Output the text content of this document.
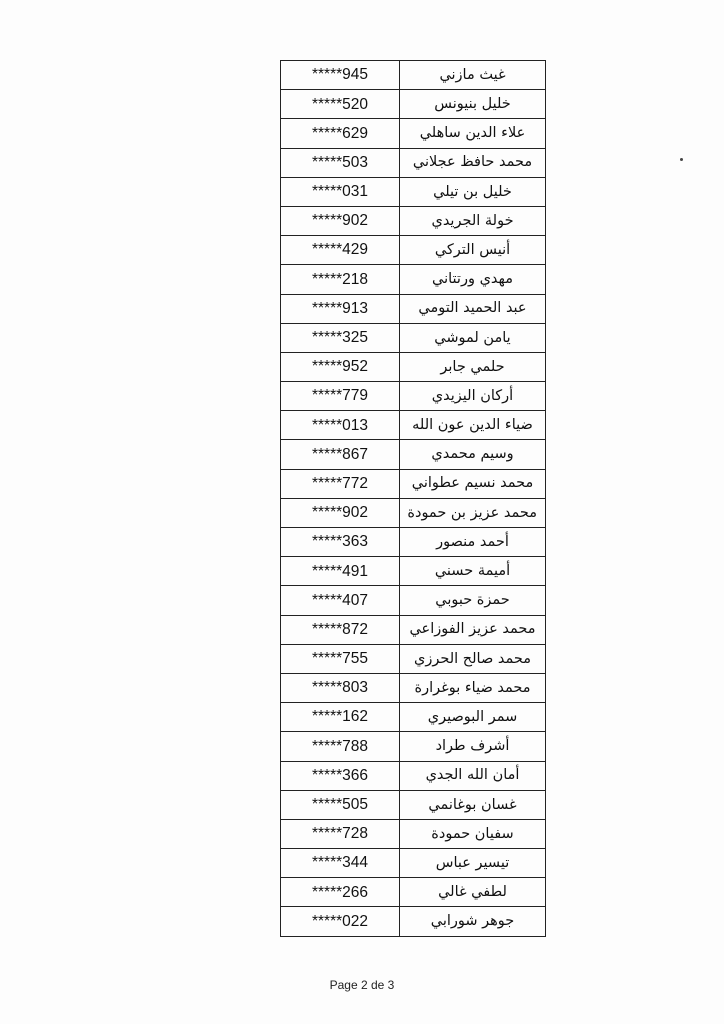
*****945	غيث مازني
*****520	خليل بنيونس
*****629	علاء الدين ساهلي
*****503	محمد حافظ عجلاني
*****031	خليل بن تيلي
*****902	خولة الجريدي
*****429	أنيس التركي
*****218	مهدي ورتتاني
*****913	عبد الحميد التومي
*****325	يامن لموشي
*****952	حلمي جابر
*****779	أركان اليزيدي
*****013	ضياء الدين عون الله
*****867	وسيم محمدي
*****772	محمد نسيم عطواني
*****902	محمد عزيز بن حمودة
*****363	أحمد منصور
*****491	أميمة حسني
*****407	حمزة حبوبي
*****872	محمد عزيز الفوزاعي
*****755	محمد صالح الحرزي
*****803	محمد ضياء بوغرارة
*****162	سمر البوصيري
*****788	أشرف طراد
*****366	أمان الله الجدي
*****505	غسان بوغانمي
*****728	سفيان حمودة
*****344	تيسير عباس
*****266	لطفي غالي
*****022	جوهر شورابي
Page 2 de 3
